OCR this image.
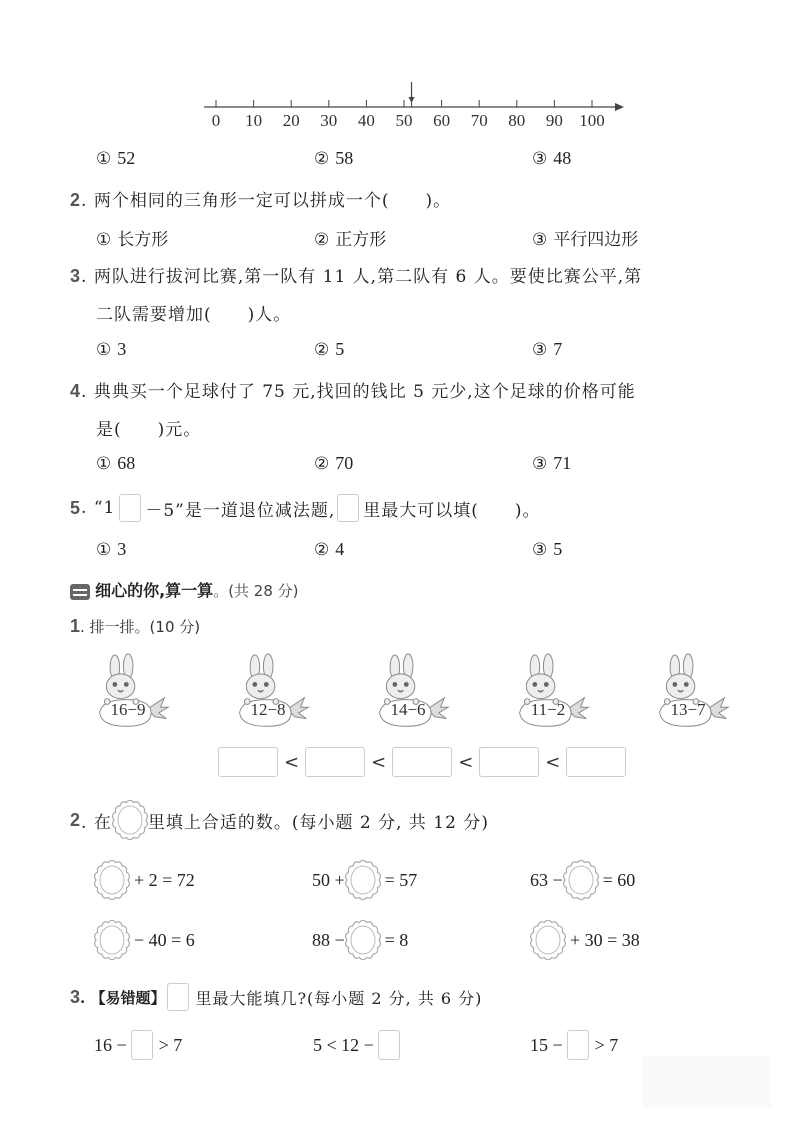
0 10 20 30 40 50 60 70 80 90 100
① 52	② 58	③ 48
2. 两个相同的三角形一定可以拼成一个(　　)。
① 长方形	② 正方形	③ 平行四边形
3. 两队进行拔河比赛,第一队有 11 人,第二队有 6 人。要使比赛公平,第
二队需要增加(　　)人。
① 3	② 5	③ 7
4. 典典买一个足球付了 75 元,找回的钱比 5 元少,这个足球的价格可能
是(　　)元。
① 68	② 70	③ 71
5 . “1 －5”是一道退位减法题, 里最大可以填(　　)。
① 3	② 4	③ 5
细心的你,算一算。(共 28 分)
1. 排一排。(10 分)
16−9	12−8	14−6	11−2	13−7
<	<	<	<
2 . 在 里填上合适的数。(每小题 2 分, 共 12 分)
+ 2 = 72	50 + = 57	63 − = 60
− 40 = 6	88 − = 8	+ 30 = 38
3 . 【易错题】 里最大能填几?(每小题 2 分, 共 6 分)
16 − > 7	5 < 12 −	15 − > 7
